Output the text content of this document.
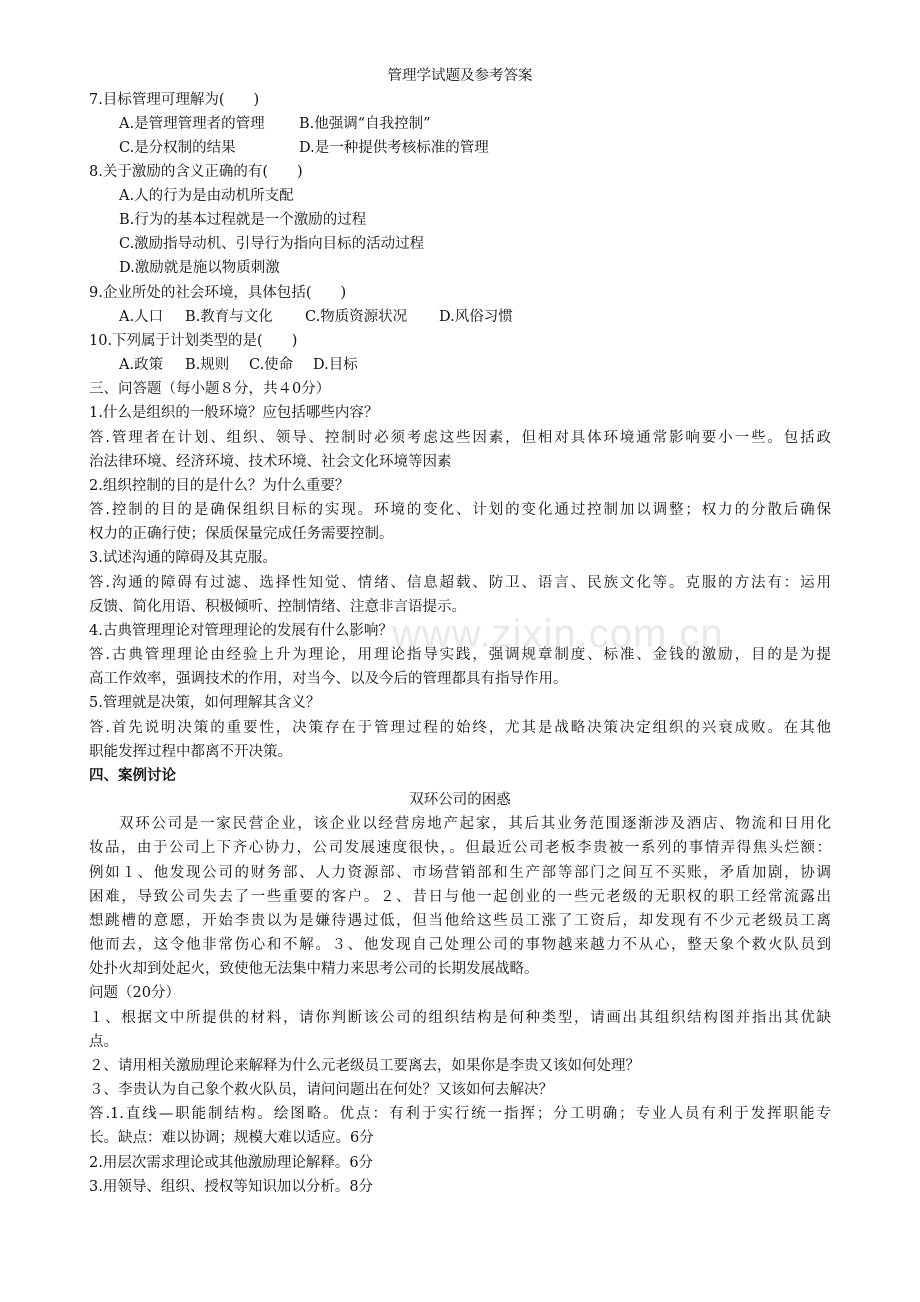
www.zixin.com.cn
管理学试题及参考答案
7.目标管理可理解为(　　)
A.是管理管理者的管理 B.他强调“自我控制”
C.是分权制的结果	D.是一种提供考核标准的管理
8.关于激励的含义正确的有(　　)
A.人的行为是由动机所支配
B.行为的基本过程就是一个激励的过程
C.激励指导动机、引导行为指向目标的活动过程
D.激励就是施以物质刺激
9.企业所处的社会环境，具体包括(　　)
A.人口 B.教育与文化 C.物质资源状况 D.风俗习惯
10.下列属于计划类型的是(　　)
A.政策 B.规则 C.使命 D.目标
三、问答题（每小题８分，共４0分）
1.什么是组织的一般环境？应包括哪些内容？
答.管理者在计划、组织、领导、控制时必须考虑这些因素，但相对具体环境通常影响要小一些。包括政
治法律环境、经济环境、技术环境、社会文化环境等因素
2.组织控制的目的是什么？为什么重要？
答.控制的目的是确保组织目标的实现。环境的变化、计划的变化通过控制加以调整；权力的分散后确保
权力的正确行使；保质保量完成任务需要控制。
3.试述沟通的障碍及其克服。
答.沟通的障碍有过滤、选择性知觉、情绪、信息超载、防卫、语言、民族文化等。克服的方法有：运用
反馈、简化用语、积极倾听、控制情绪、注意非言语提示。
4.古典管理理论对管理理论的发展有什么影响？
答.古典管理理论由经验上升为理论，用理论指导实践，强调规章制度、标准、金钱的激励，目的是为提
高工作效率，强调技术的作用，对当今、以及今后的管理都具有指导作用。
5.管理就是决策，如何理解其含义？
答.首先说明决策的重要性，决策存在于管理过程的始终，尤其是战略决策决定组织的兴衰成败。在其他
职能发挥过程中都离不开决策。
四、案例讨论
双环公司的困惑
双环公司是一家民营企业，该企业以经营房地产起家，其后其业务范围逐渐涉及酒店、物流和日用化
妆品，由于公司上下齐心协力，公司发展速度很快，。但最近公司老板李贵被一系列的事情弄得焦头烂额：
例如１、他发现公司的财务部、人力资源部、市场营销部和生产部等部门之间互不买账，矛盾加剧，协调
困难，导致公司失去了一些重要的客户。２、昔日与他一起创业的一些元老级的无职权的职工经常流露出
想跳槽的意愿，开始李贵以为是嫌待遇过低，但当他给这些员工涨了工资后，却发现有不少元老级员工离
他而去，这令他非常伤心和不解。３、他发现自己处理公司的事物越来越力不从心，整天象个救火队员到
处扑火却到处起火，致使他无法集中精力来思考公司的长期发展战略。
问题（20分）
１、根据文中所提供的材料，请你判断该公司的组织结构是何种类型，请画出其组织结构图并指出其优缺
点。
２、请用相关激励理论来解释为什么元老级员工要离去，如果你是李贵又该如何处理？
３、李贵认为自己象个救火队员，请问问题出在何处？又该如何去解决？
答.1.直线—职能制结构。绘图略。优点：有利于实行统一指挥；分工明确；专业人员有利于发挥职能专
长。缺点：难以协调；规模大难以适应。6分
2.用层次需求理论或其他激励理论解释。6分
3.用领导、组织、授权等知识加以分析。8分
